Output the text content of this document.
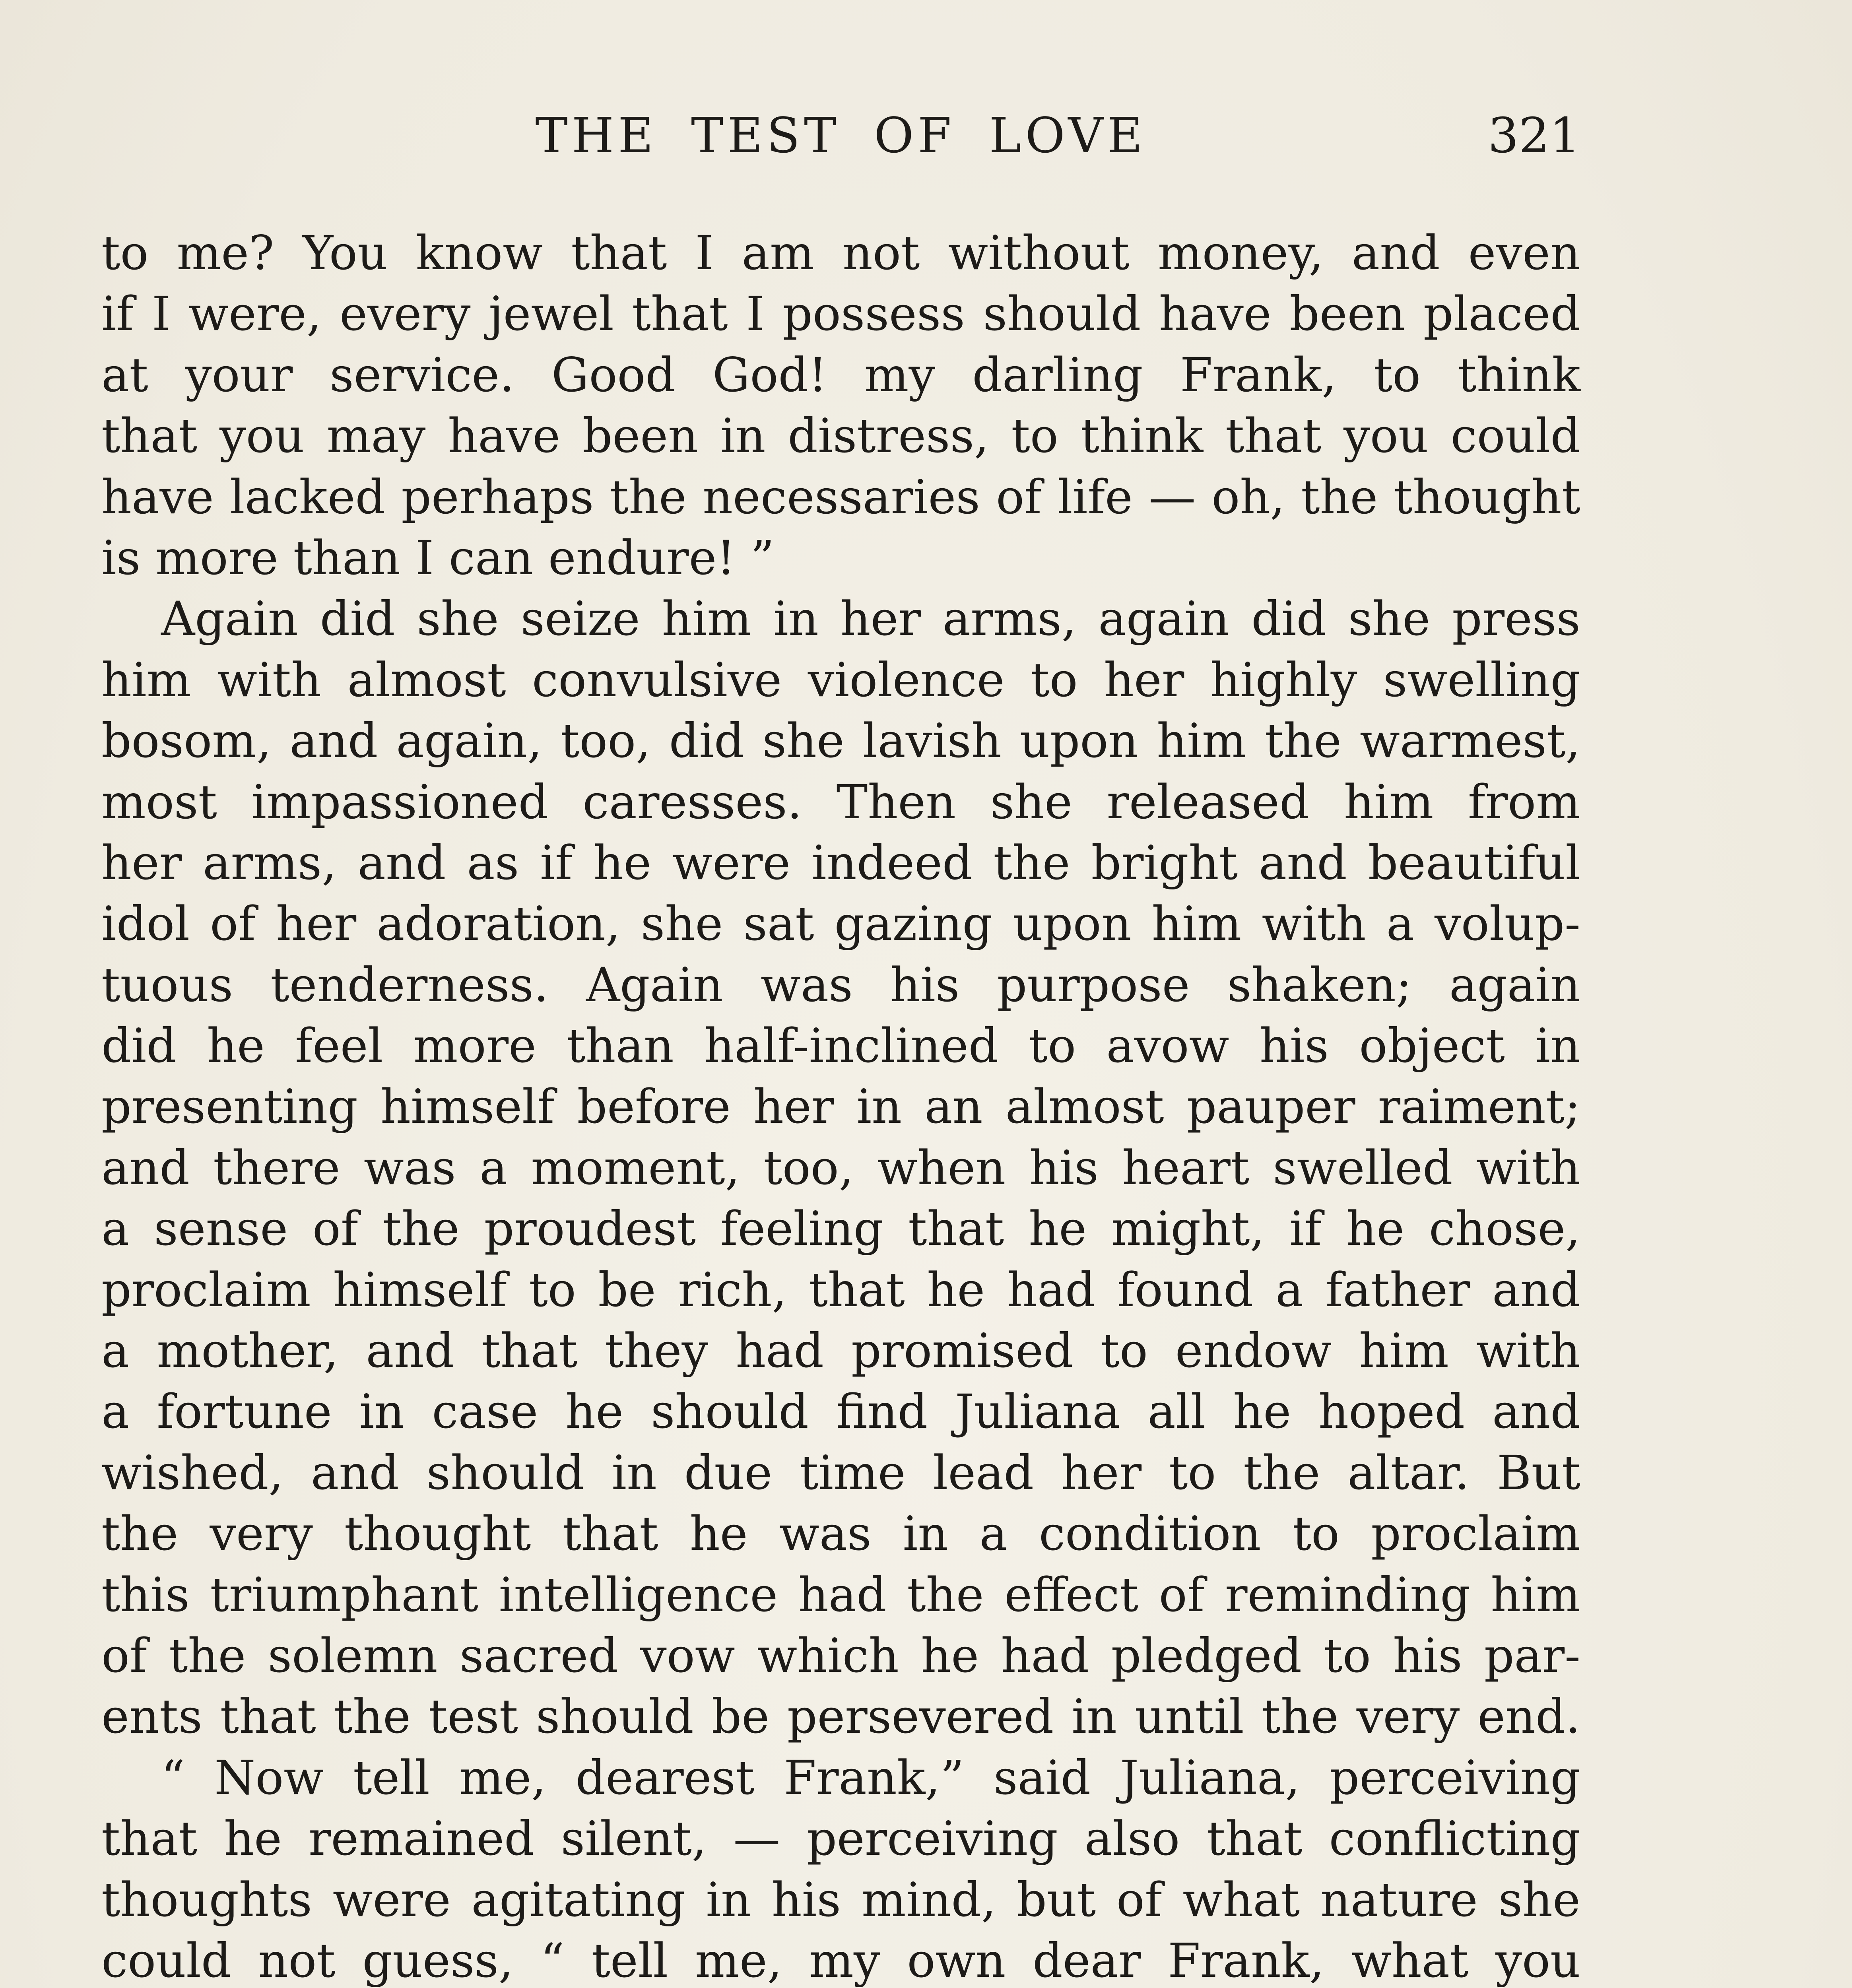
THE TEST OF LOVE	321
to me? You know that I am not without money, and even
if I were, every jewel that I possess should have been placed
at your service. Good God! my darling Frank, to think
that you may have been in distress, to think that you could
have lacked perhaps the necessaries of life — oh, the thought
is more than I can endure! ”
Again did she seize him in her arms, again did she press
him with almost convulsive violence to her highly swelling
bosom, and again, too, did she lavish upon him the warmest,
most impassioned caresses. Then she released him from
her arms, and as if he were indeed the bright and beautiful
idol of her adoration, she sat gazing upon him with a volup-
tuous tenderness. Again was his purpose shaken; again
did he feel more than half-inclined to avow his object in
presenting himself before her in an almost pauper raiment;
and there was a moment, too, when his heart swelled with
a sense of the proudest feeling that he might, if he chose,
proclaim himself to be rich, that he had found a father and
a mother, and that they had promised to endow him with
a fortune in case he should find Juliana all he hoped and
wished, and should in due time lead her to the altar. But
the very thought that he was in a condition to proclaim
this triumphant intelligence had the effect of reminding him
of the solemn sacred vow which he had pledged to his par-
ents that the test should be persevered in until the very end.
“ Now tell me, dearest Frank,” said Juliana, perceiving
that he remained silent, — perceiving also that conflicting
thoughts were agitating in his mind, but of what nature she
could not guess, “ tell me, my own dear Frank, what you
